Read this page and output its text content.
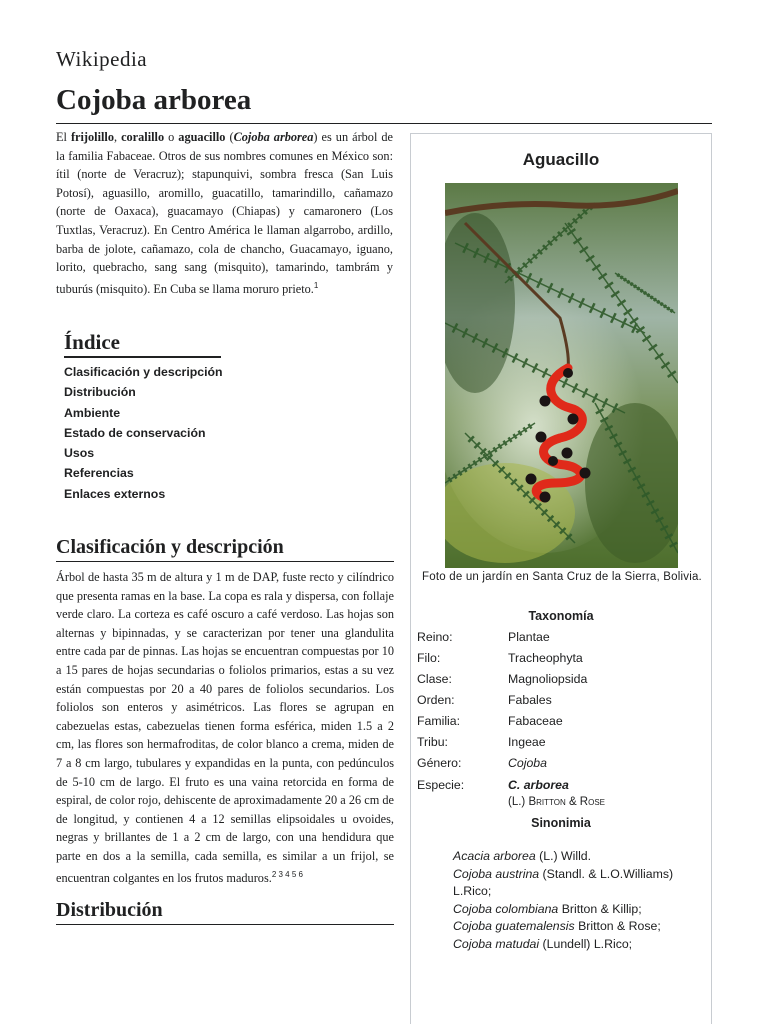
Wikipedia
Cojoba arborea

El frijolillo, coralillo o aguacillo (Cojoba arborea) es un árbol de la familia Fabaceae. Otros de sus nombres comunes en México son: ítil (norte de Veracruz); stapunquivi, sombra fresca (San Luis Potosí), aguasillo, aromillo, guacatillo, tamarindillo, cañamazo (norte de Oaxaca), guacamayo (Chiapas) y camaronero (Los Tuxtlas, Veracruz). En Centro América le llaman algarrobo, ardillo, barba de jolote, cañamazo, cola de chancho, Guacamayo, iguano, lorito, quebracho, sang sang (misquito), tamarindo, tambrám y tuburús (misquito). En Cuba se llama moruro prieto.$^1$

Índice
Clasificación y descripción
Distribución
Ambiente
Estado de conservación
Usos
Referencias
Enlaces externos
Clasificación y descripción

Árbol de hasta 35 m de altura y 1 m de DAP, fuste recto y cilíndrico que presenta ramas en la base. La copa es rala y dispersa, con follaje verde claro. La corteza es café oscuro a café verdoso. Las hojas son alternas y bipinnadas, y se caracterizan por tener una glandulita entre cada par de pinnas. Las hojas se encuentran compuestas por 10 a 15 pares de hojas secundarias o foliolos primarios, estas a su vez están compuestas por 20 a 40 pares de foliolos secundarios. Los foliolos son enteros y asimétricos. Las flores se agrupan en cabezuelas estas, cabezuelas tienen forma esférica, miden 1.5 a 2 cm, las flores son hermafroditas, de color blanco a crema, miden de 7 a 8 cm largo, tubulares y expandidas en la punta, con pedúnculos de 5-10 cm de largo. El fruto es una vaina retorcida en forma de espiral, de color rojo, dehiscente de aproximadamente 20 a 26 cm de de longitud, y contienen 4 a 12 semillas elipsoidales u ovoides, negras y brillantes de 1 a 2 cm de largo, con una hendidura que parte en dos a la semilla, cada semilla, es similar a un frijol, se encuentran colgantes en los frutos maduros.$^{2 3 4 5 6}$

Distribución
Aguacillo
Foto de un jardín en Santa Cruz de la Sierra, Bolivia.
Taxonomía
Reino:	Plantae
Filo:	Tracheophyta
Clase:	Magnoliopsida
Orden:	Fabales
Familia:	Fabaceae
Tribu:	Ingeae
Género:	Cojoba
Especie:	C. arborea
(L.) Britton & Rose
Sinonimia
Acacia arborea (L.) Willd.
Cojoba austrina (Standl. & L.O.Williams) L.Rico;
Cojoba colombiana Britton & Killip;
Cojoba guatemalensis Britton & Rose;
Cojoba matudai (Lundell) L.Rico;
